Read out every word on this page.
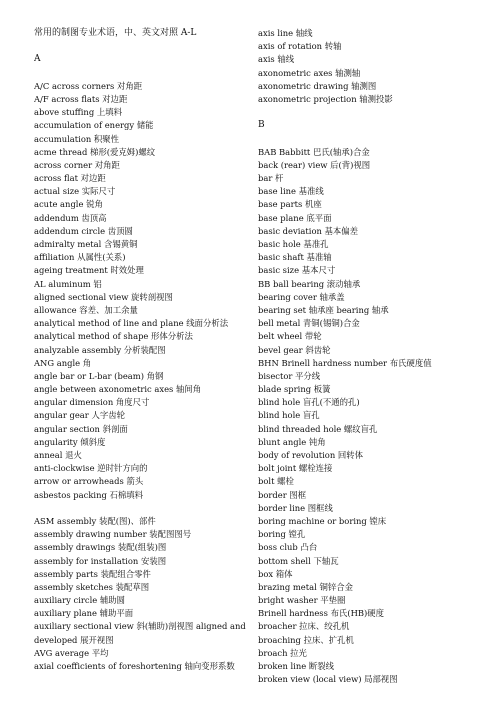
常用的制图专业术语，中、英文对照 A-L
A
A/C across corners 对角距
A/F across flats 对边距
above stuffing 上填料
accumulation of energy 储能
accumulation 积聚性
acme thread 梯形(爱克姆)螺纹
across corner 对角距
across flat 对边距
actual size 实际尺寸
acute angle 锐角
addendum 齿顶高
addendum circle 齿顶圆
admiralty metal 含锡黄铜
affiliation 从属性(关系)
ageing treatment 时效处理
AL aluminum 铝
aligned sectional view 旋转剖视图
allowance 容差、加工余量
analytical method of line and plane 线面分析法
analytical method of shape 形体分析法
analyzable assembly 分析装配图
ANG angle 角
angle bar or L-bar (beam) 角钢
angle between axonometric axes 轴间角
angular dimension 角度尺寸
angular gear 人字齿轮
angular section 斜剖面
angularity 倾斜度
anneal 退火
anti-clockwise 逆时针方向的
arrow or arrowheads 箭头
asbestos packing 石棉填料
ASM assembly 装配(图)、部件
assembly drawing number 装配图图号
assembly drawings 装配(组装)图
assembly for installation 安装图
assembly parts 装配组合零件
assembly sketches 装配草图
auxiliary circle 辅助圆
auxiliary plane 辅助平面
auxiliary sectional view 斜(辅助)剖视图 aligned and developed 展开视图
AVG average 平均
axial coefficients of foreshortening 轴向变形系数
axis line 轴线
axis of rotation 转轴
axis 轴线
axonometric axes 轴测轴
axonometric drawing 轴测图
axonometric projection 轴测投影
B
BAB Babbitt 巴氏(轴承)合金
back (rear) view 后(背)视图
bar 杆
base line 基准线
base parts 机座
base plane 底平面
basic deviation 基本偏差
basic hole 基准孔
basic shaft 基准轴
basic size 基本尺寸
BB ball bearing 滚动轴承
bearing cover 轴承盖
bearing set 轴承座 bearing 轴承
bell metal 青铜(锡铜)合金
belt wheel 带轮
bevel gear 斜齿轮
BHN Brinell hardness number 布氏硬度值
bisector 平分线
blade spring 板簧
blind hole 盲孔(不通的孔)
blind hole 盲孔
blind threaded hole 螺纹盲孔
blunt angle 钝角
body of revolution 回转体
bolt joint 螺栓连接
bolt 螺栓
border 图框
border line 图框线
boring machine or boring 镗床
boring 镗孔
boss club 凸台
bottom shell 下轴瓦
box 箱体
brazing metal 铜锌合金
bright washer 平垫圈
Brinell hardness 布氏(HB)硬度
broacher 拉床、绞孔机
broaching 拉床、扩孔机
broach 拉光
broken line 断裂线
broken view (local view) 局部视图
